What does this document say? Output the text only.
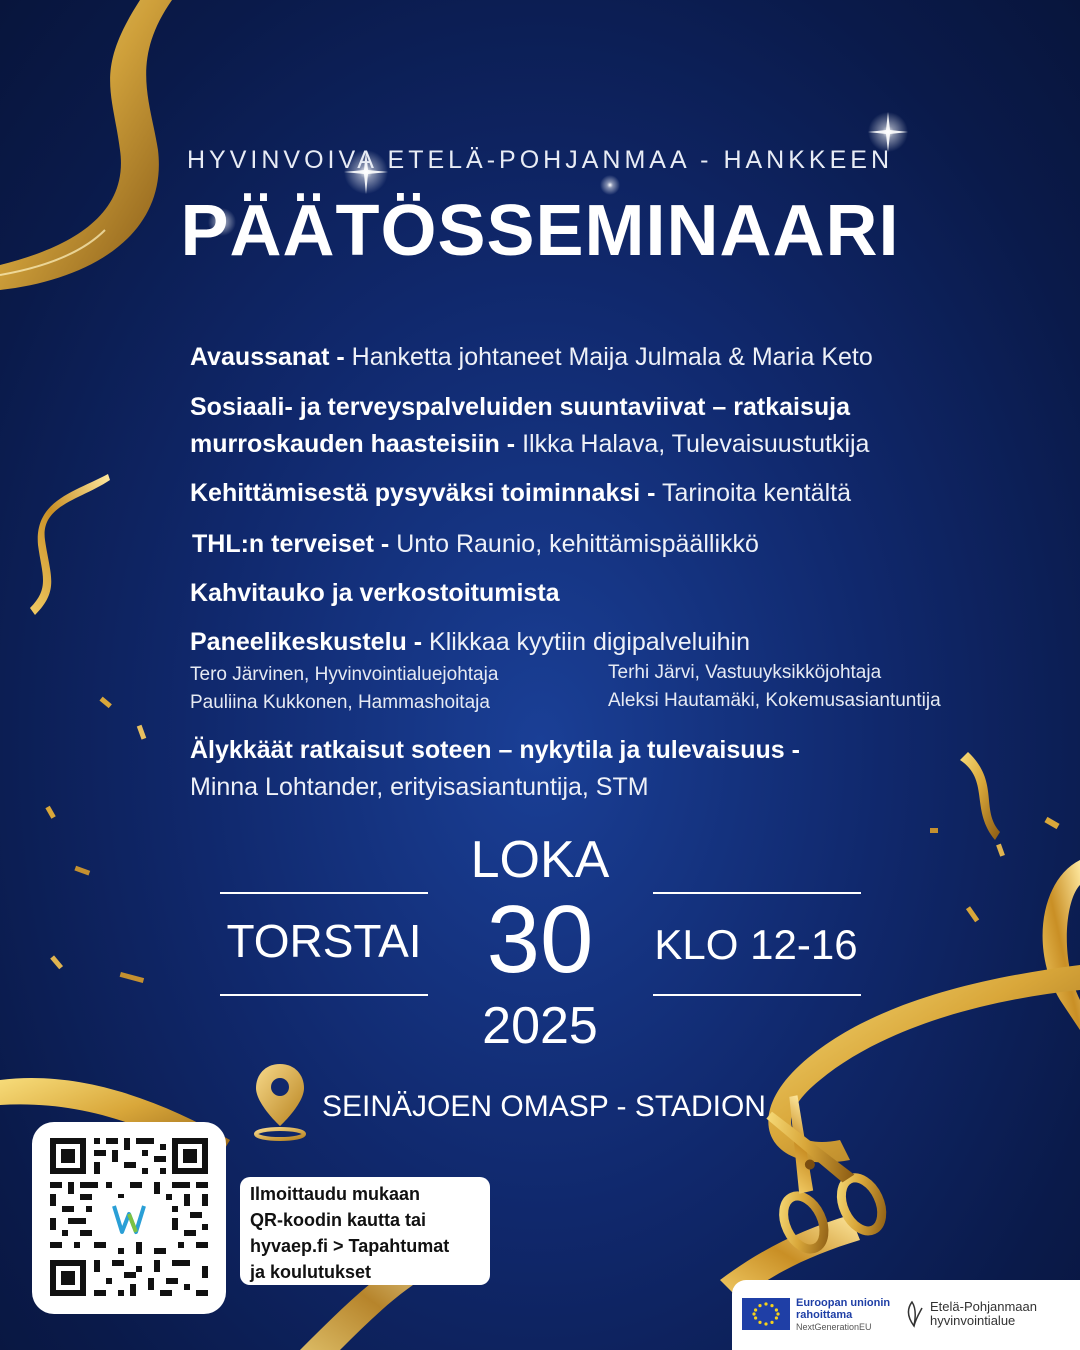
HYVINVOIVA ETELÄ-POHJANMAA - HANKKEEN
PÄÄTÖSSEMINAARI
Avaussanat - Hanketta johtaneet Maija Julmala & Maria Keto
Sosiaali- ja terveyspalveluiden suuntaviivat – ratkaisuja
murroskauden haasteisiin - Ilkka Halava, Tulevaisuustutkija
Kehittämisestä pysyväksi toiminnaksi - Tarinoita kentältä
THL:n terveiset - Unto Raunio, kehittämispäällikkö
Kahvitauko ja verkostoitumista
Paneelikeskustelu - Klikkaa kyytiin digipalveluihin
Tero Järvinen, Hyvinvointialuejohtaja
Pauliina Kukkonen, Hammashoitaja
Terhi Järvi, Vastuuyksikköjohtaja
Aleksi Hautamäki, Kokemusasiantuntija
Älykkäät ratkaisut soteen – nykytila ja tulevaisuus -
Minna Lohtander, erityisasiantuntija, STM
TORSTAI
LOKA
30
2025
KLO 12-16
SEINÄJOEN OMASP - STADION
Ilmoittaudu mukaan
QR-koodin kautta tai
hyvaep.fi > Tapahtumat
ja koulutukset
Euroopan unionin
rahoittama
NextGenerationEU
Etelä-Pohjanmaan
hyvinvointialue
